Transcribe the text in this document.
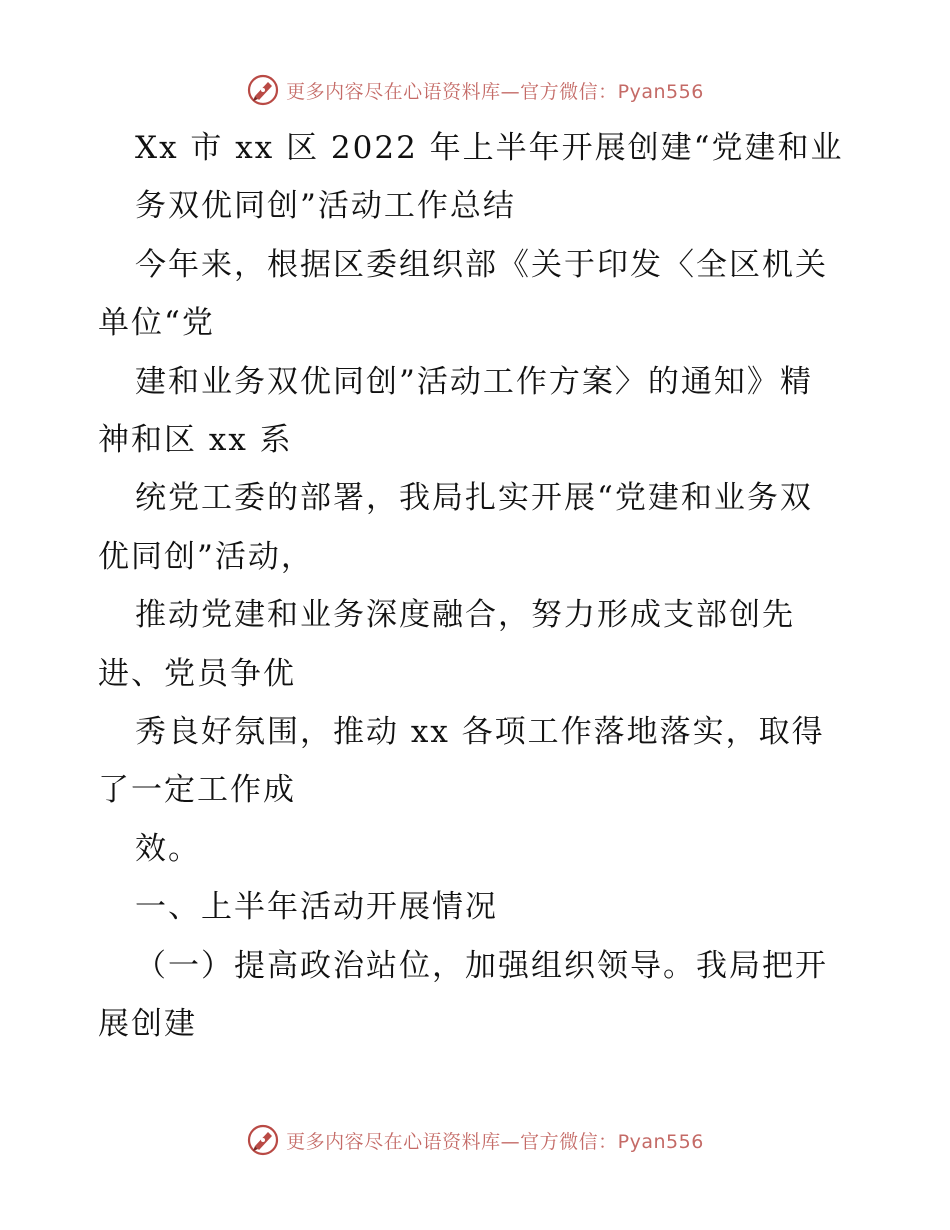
更多内容尽在心语资料库—官方微信：Pyan556
Xx 市 xx 区 2022 年上半年开展创建“党建和业
务双优同创”活动工作总结
今年来，根据区委组织部《关于印发〈全区机关
单位“党
建和业务双优同创”活动工作方案〉的通知》精
神和区 xx 系
统党工委的部署，我局扎实开展“党建和业务双
优同创”活动，
推动党建和业务深度融合，努力形成支部创先
进、党员争优
秀良好氛围，推动 xx 各项工作落地落实，取得
了一定工作成
效。
一、上半年活动开展情况
（一）提高政治站位，加强组织领导。我局把开
展创建
更多内容尽在心语资料库—官方微信：Pyan556
